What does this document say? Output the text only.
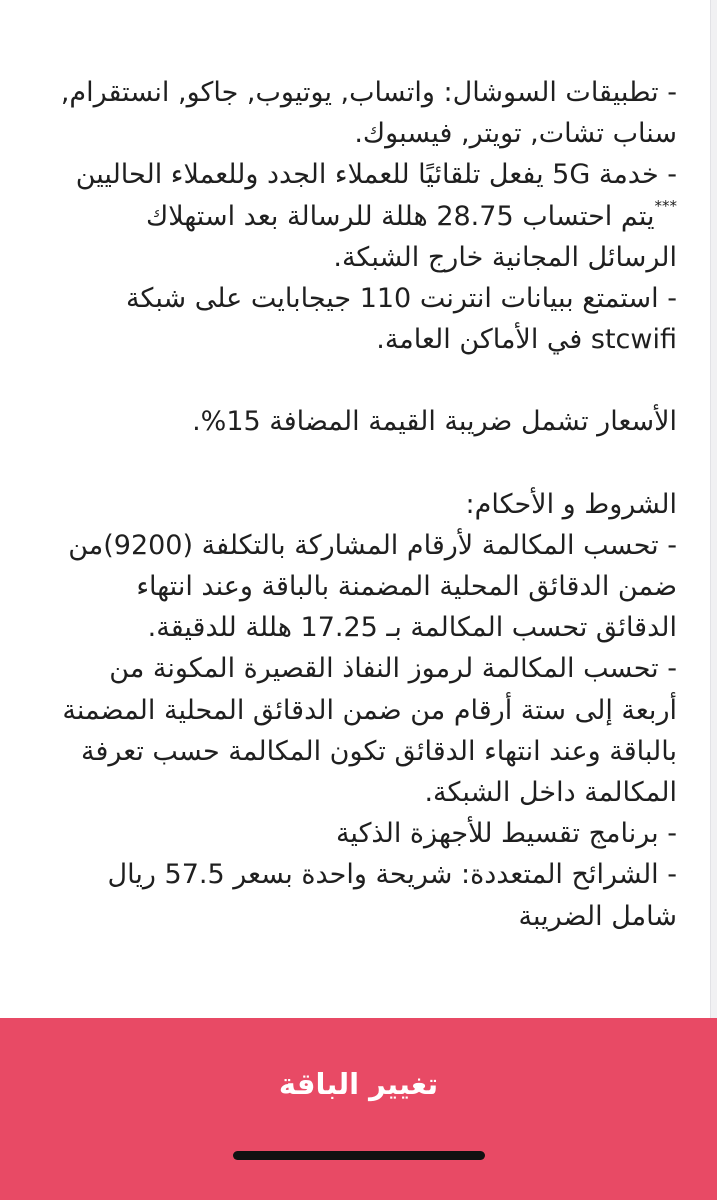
- تطبيقات السوشال: واتساب, يوتيوب, جاكو, انستقرام, سناب تشات, تويتر, فيسبوك.

- خدمة 5G يفعل تلقائيًا للعملاء الجدد وللعملاء الحاليين

***يتم احتساب 28.75 هللة للرسالة بعد استهلاك الرسائل المجانية خارج الشبكة.

- استمتع ببيانات انترنت 110 جيجابايت على شبكة stcwifi في الأماكن العامة.

الأسعار تشمل ضريبة القيمة المضافة 15%.

الشروط و الأحكام:

- تحسب المكالمة لأرقام المشاركة بالتكلفة (9200)من ضمن الدقائق المحلية المضمنة بالباقة وعند انتهاء الدقائق تحسب المكالمة بـ 17.25 هللة للدقيقة.

- تحسب المكالمة لرموز النفاذ القصيرة المكونة من أربعة إلى ستة أرقام من ضمن الدقائق المحلية المضمنة بالباقة وعند انتهاء الدقائق تكون المكالمة حسب تعرفة المكالمة داخل الشبكة.

- برنامج تقسيط للأجهزة الذكية

- الشرائح المتعددة: شريحة واحدة بسعر 57.5 ريال شامل الضريبة

تغيير الباقة
